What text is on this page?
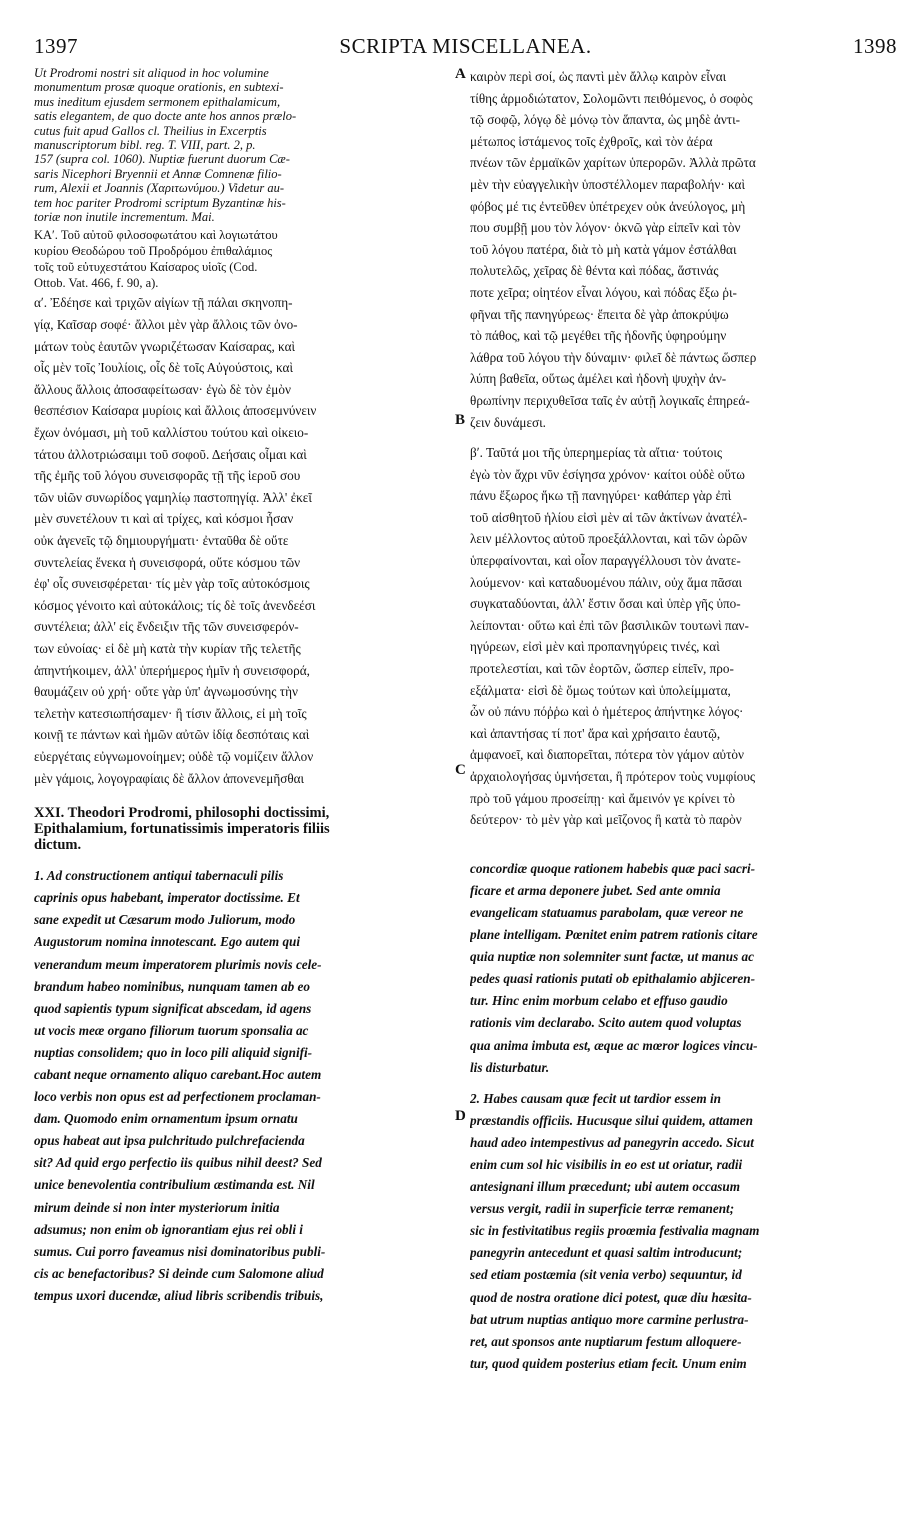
1397	SCRIPTA MISCELLANEA.	1398
A
B
C
D
Ut Prodromi nostri sit aliquod in hoc volumine
monumentum prosæ quoque orationis, en subtexi-
mus ineditum ejusdem sermonem epithalamicum,
satis elegantem, de quo docte ante hos annos prælo-
cutus fuit apud Gallos cl. Theilius in Excerptis
manuscriptorum bibl. reg. T. VIII, part. 2, p.
157 (supra col. 1060). Nuptiæ fuerunt duorum Cæ-
saris Nicephori Bryennii et Annæ Comnenæ filio-
rum, Alexii et Joannis (Χαριτωνύμου.) Videtur au-
tem hoc pariter Prodromi scriptum Byzantinæ his-
toriæ non inutile incrementum. Mai.
ΚΑʹ. Τοῦ αὐτοῦ φιλοσοφωτάτου καὶ λογιωτάτου
κυρίου Θεοδώρου τοῦ Προδρόμου ἐπιθαλάμιος
τοῖς τοῦ εὐτυχεστάτου Καίσαρος υἱοῖς (Cod.
Ottob. Vat. 466, f. 90, a).
αʹ. Ἐδέησε καὶ τριχῶν αἰγίων τῇ πάλαι σκηνοπη-
γίᾳ, Καῖσαρ σοφέ· ἄλλοι μὲν γὰρ ἄλλοις τῶν ὀνο-
μάτων τοὺς ἑαυτῶν γνωριζέτωσαν Καίσαρας, καὶ
οἷς μὲν τοῖς Ἰουλίοις, οἷς δὲ τοῖς Αὐγούστοις, καὶ
ἄλλους ἄλλοις ἀποσαφείτωσαν· ἐγὼ δὲ τὸν ἐμὸν
θεσπέσιον Καίσαρα μυρίοις καὶ ἄλλοις ἀποσεμνύνειν
ἔχων ὀνόμασι, μὴ τοῦ καλλίστου τούτου καὶ οἰκειο-
τάτου ἀλλοτριώσαιμι τοῦ σοφοῦ. Δεήσαις οἶμαι καὶ
τῆς ἐμῆς τοῦ λόγου συνεισφορᾶς τῇ τῆς ἱεροῦ σου
τῶν υἱῶν συνωρίδος γαμηλίῳ παστοπηγίᾳ. Ἀλλ' ἐκεῖ
μὲν συνετέλουν τι καὶ αἱ τρίχες, καὶ κόσμοι ἦσαν
οὐκ ἀγενεῖς τῷ δημιουργήματι· ἐνταῦθα δὲ οὔτε
συντελείας ἕνεκα ἡ συνεισφορά, οὔτε κόσμου τῶν
ἐφ' οἷς συνεισφέρεται· τίς μὲν γὰρ τοῖς αὐτοκόσμοις
κόσμος γένοιτο καὶ αὐτοκάλοις; τίς δὲ τοῖς ἀνενδεέσι
συντέλεια; ἀλλ' εἰς ἔνδειξιν τῆς τῶν συνεισφερόν-
των εὐνοίας· εἰ δὲ μὴ κατὰ τὴν κυρίαν τῆς τελετῆς
ἀπηντήκοιμεν, ἀλλ' ὑπερήμερος ἡμῖν ἡ συνεισφορά,
θαυμάζειν οὐ χρή· οὔτε γὰρ ὑπ' ἀγνωμοσύνης τὴν
τελετὴν κατεσιωπήσαμεν· ἢ τίσιν ἄλλοις, εἰ μὴ τοῖς
κοινῇ τε πάντων καὶ ἡμῶν αὐτῶν ἰδίᾳ δεσπόταις καὶ
εὐεργέταις εὐγνωμονοίημεν; οὐδὲ τῷ νομίζειν ἄλλον
μὲν γάμοις, λογογραφίαις δὲ ἄλλον ἀπονενεμῆσθαι
XXI. Theodori Prodromi, philosophi doctissimi,
Epithalamium, fortunatissimis imperatoris filiis
dictum.
1. Ad constructionem antiqui tabernaculi pilis
caprinis opus habebant, imperator doctissime. Et
sane expedit ut Cæsarum modo Juliorum, modo
Augustorum nomina innotescant. Ego autem qui
venerandum meum imperatorem plurimis novis cele-
brandum habeo nominibus, nunquam tamen ab eo
quod sapientis typum significat abscedam, id agens
ut vocis meæ organo filiorum tuorum sponsalia ac
nuptias consolidem; quo in loco pili aliquid signifi-
cabant neque ornamento aliquo carebant.Hoc autem
loco verbis non opus est ad perfectionem proclaman-
dam. Quomodo enim ornamentum ipsum ornatu
opus habeat aut ipsa pulchritudo pulchrefacienda
sit? Ad quid ergo perfectio iis quibus nihil deest? Sed
unice benevolentia contribulium æstimanda est. Nil
mirum deinde si non inter mysteriorum initia
adsumus; non enim ob ignorantiam ejus rei obli i
sumus. Cui porro faveamus nisi dominatoribus publi-
cis ac benefactoribus? Si deinde cum Salomone aliud
tempus uxori ducendæ, aliud libris scribendis tribuis,
καιρὸν περὶ σοί, ὡς παντὶ μὲν ἄλλῳ καιρὸν εἶναι
τίθης ἁρμοδιώτατον, Σολομῶντι πειθόμενος, ὁ σοφὸς
τῷ σοφῷ, λόγῳ δὲ μόνῳ τὸν ἅπαντα, ὡς μηδὲ ἀντι-
μέτωπος ἱστάμενος τοῖς ἐχθροῖς, καὶ τὸν ἀέρα
πνέων τῶν ἐρμαϊκῶν χαρίτων ὑπερορῶν. Ἀλλὰ πρῶτα
μὲν τὴν εὐαγγελικὴν ὑποστέλλομεν παραβολήν· καὶ
φόβος μέ τις ἐντεῦθεν ὑπέτρεχεν οὐκ ἀνεύλογος, μὴ
που συμβῇ μου τὸν λόγον· ὀκνῶ γὰρ εἰπεῖν καὶ τὸν
τοῦ λόγου πατέρα, διὰ τὸ μὴ κατὰ γάμον ἐστάλθαι
πολυτελῶς, χεῖρας δὲ θέντα καὶ πόδας, ἅστινάς
ποτε χεῖρα; οἰητέον εἶναι λόγου, καὶ πόδας ἔξω ῥι-
φῆναι τῆς πανηγύρεως· ἔπειτα δὲ γὰρ ἀποκρύψω
τὸ πάθος, καὶ τῷ μεγέθει τῆς ἡδονῆς ὑφηρούμην
λάθρα τοῦ λόγου τὴν δύναμιν· φιλεῖ δὲ πάντως ὥσπερ
λύπη βαθεῖα, οὕτως ἀμέλει καὶ ἡδονὴ ψυχὴν ἀν-
θρωπίνην περιχυθεῖσα ταῖς ἐν αὐτῇ λογικαῖς ἐπηρεά-
ζειν δυνάμεσι.
βʹ. Ταῦτά μοι τῆς ὑπερημερίας τὰ αἴτια· τούτοις
ἐγὼ τὸν ἄχρι νῦν ἐσίγησα χρόνον· καίτοι οὐδὲ οὕτω
πάνυ ἔξωρος ἥκω τῇ πανηγύρει· καθάπερ γὰρ ἐπὶ
τοῦ αἰσθητοῦ ἡλίου εἰσὶ μὲν αἱ τῶν ἀκτίνων ἀνατέλ-
λειν μέλλοντος αὐτοῦ προεξάλλονται, καὶ τῶν ὡρῶν
ὑπερφαίνονται, καὶ οἷον παραγγέλλουσι τὸν ἀνατε-
λούμενον· καὶ καταδυομένου πάλιν, οὐχ ἅμα πᾶσαι
συγκαταδύονται, ἀλλ' ἔστιν ὅσαι καὶ ὑπὲρ γῆς ὑπο-
λείπονται· οὕτω καὶ ἐπὶ τῶν βασιλικῶν τουτωνὶ παν-
ηγύρεων, εἰσὶ μὲν καὶ προπανηγύρεις τινές, καὶ
προτελεστίαι, καὶ τῶν ἑορτῶν, ὥσπερ εἰπεῖν, προ-
εξάλματα· εἰσὶ δὲ ὅμως τούτων καὶ ὑπολείμματα,
ὧν οὐ πάνυ πόῤῥω καὶ ὁ ἡμέτερος ἀπήντηκε λόγος·
καὶ ἀπαντήσας τί ποτ' ἄρα καὶ χρήσαιτο ἑαυτῷ,
ἀμφανοεῖ, καὶ διαπορεῖται, πότερα τὸν γάμον αὐτὸν
ἀρχαιολογήσας ὑμνήσεται, ἢ πρότερον τοὺς νυμφίους
πρὸ τοῦ γάμου προσείπῃ· καὶ ἄμεινόν γε κρίνει τὸ
δεύτερον· τὸ μὲν γὰρ καὶ μεῖζονος ἢ κατὰ τὸ παρὸν
concordiæ quoque rationem habebis quæ paci sacri-
ficare et arma deponere jubet. Sed ante omnia
evangelicam statuamus parabolam, quæ vereor ne
plane intelligam. Pœnitet enim patrem rationis citare
quia nuptiæ non solemniter sunt factæ, ut manus ac
pedes quasi rationis putati ob epithalamio abjiceren-
tur. Hinc enim morbum celabo et effuso gaudio
rationis vim declarabo. Scito autem quod voluptas
qua anima imbuta est, æque ac mœror logices vincu-
lis disturbatur.
2. Habes causam quæ fecit ut tardior essem in
præstandis officiis. Hucusque silui quidem, attamen
haud adeo intempestivus ad panegyrin accedo. Sicut
enim cum sol hic visibilis in eo est ut oriatur, radii
antesignani illum præcedunt; ubi autem occasum
versus vergit, radii in superficie terræ remanent;
sic in festivitatibus regiis proœmia festivalia magnam
panegyrin antecedunt et quasi saltim introducunt;
sed etiam postæmia (sit venia verbo) sequuntur, id
quod de nostra oratione dici potest, quæ diu hæsita-
bat utrum nuptias antiquo more carmine perlustra-
ret, aut sponsos ante nuptiarum festum alloquere-
tur, quod quidem posterius etiam fecit. Unum enim
